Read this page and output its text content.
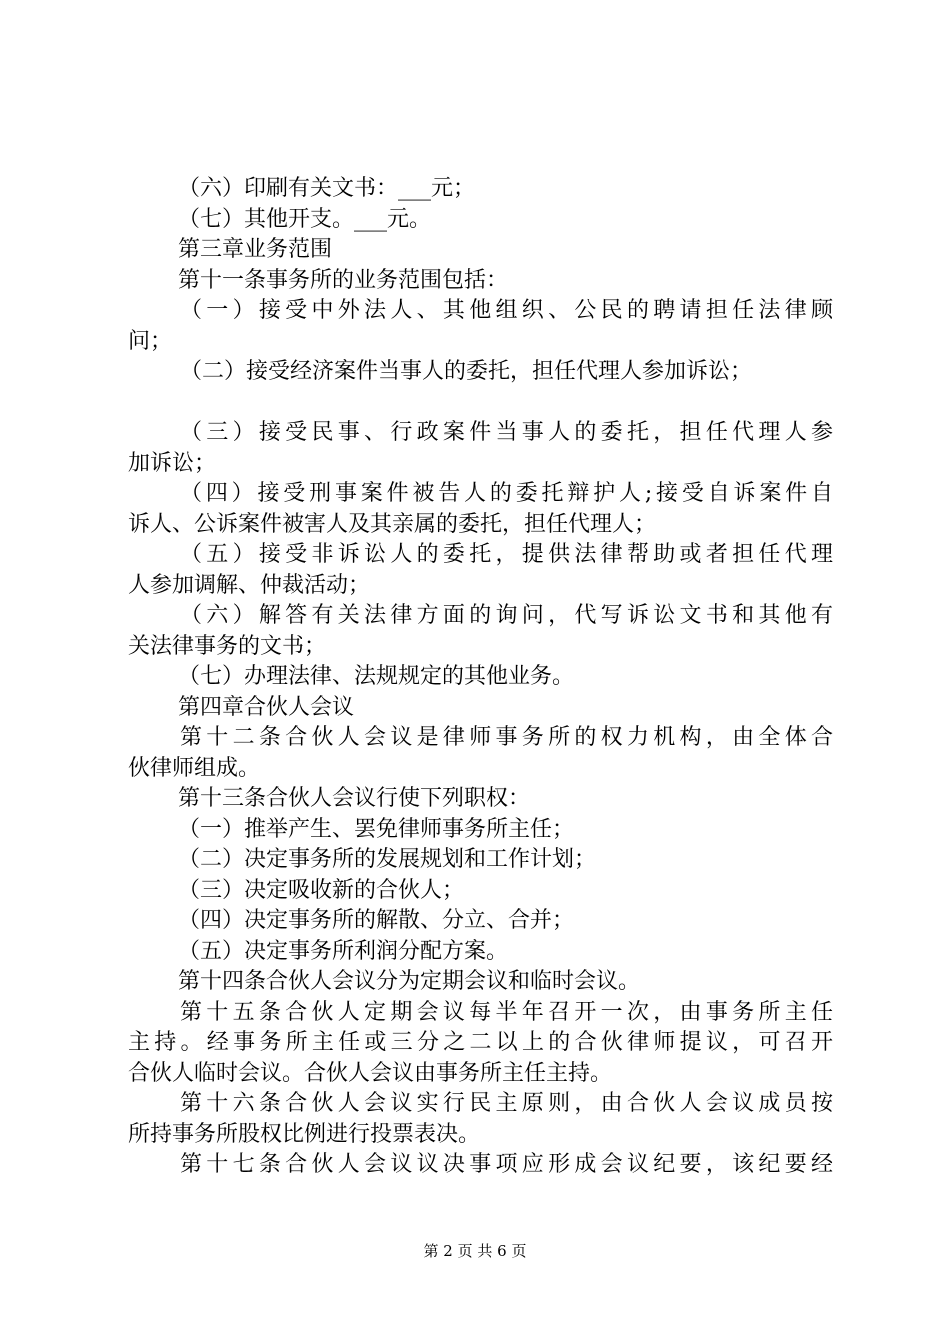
（六）印刷有关文书：___元；
（七）其他开支。___元。
第三章业务范围
第十一条事务所的业务范围包括：
（一）接受中外法人、其他组织、公民的聘请担任法律顾
问；
（二）接受经济案件当事人的委托，担任代理人参加诉讼；
（三）接受民事、行政案件当事人的委托，担任代理人参
加诉讼；
（四）接受刑事案件被告人的委托辩护人;接受自诉案件自
诉人、公诉案件被害人及其亲属的委托，担任代理人；
（五）接受非诉讼人的委托，提供法律帮助或者担任代理
人参加调解、仲裁活动；
（六）解答有关法律方面的询问，代写诉讼文书和其他有
关法律事务的文书；
（七）办理法律、法规规定的其他业务。
第四章合伙人会议
第十二条合伙人会议是律师事务所的权力机构，由全体合
伙律师组成。
第十三条合伙人会议行使下列职权：
（一）推举产生、罢免律师事务所主任；
（二）决定事务所的发展规划和工作计划；
（三）决定吸收新的合伙人；
（四）决定事务所的解散、分立、合并；
（五）决定事务所利润分配方案。
第十四条合伙人会议分为定期会议和临时会议。
第十五条合伙人定期会议每半年召开一次，由事务所主任
主持。经事务所主任或三分之二以上的合伙律师提议，可召开
合伙人临时会议。合伙人会议由事务所主任主持。
第十六条合伙人会议实行民主原则，由合伙人会议成员按
所持事务所股权比例进行投票表决。
第十七条合伙人会议议决事项应形成会议纪要，该纪要经
第 2 页 共 6 页
